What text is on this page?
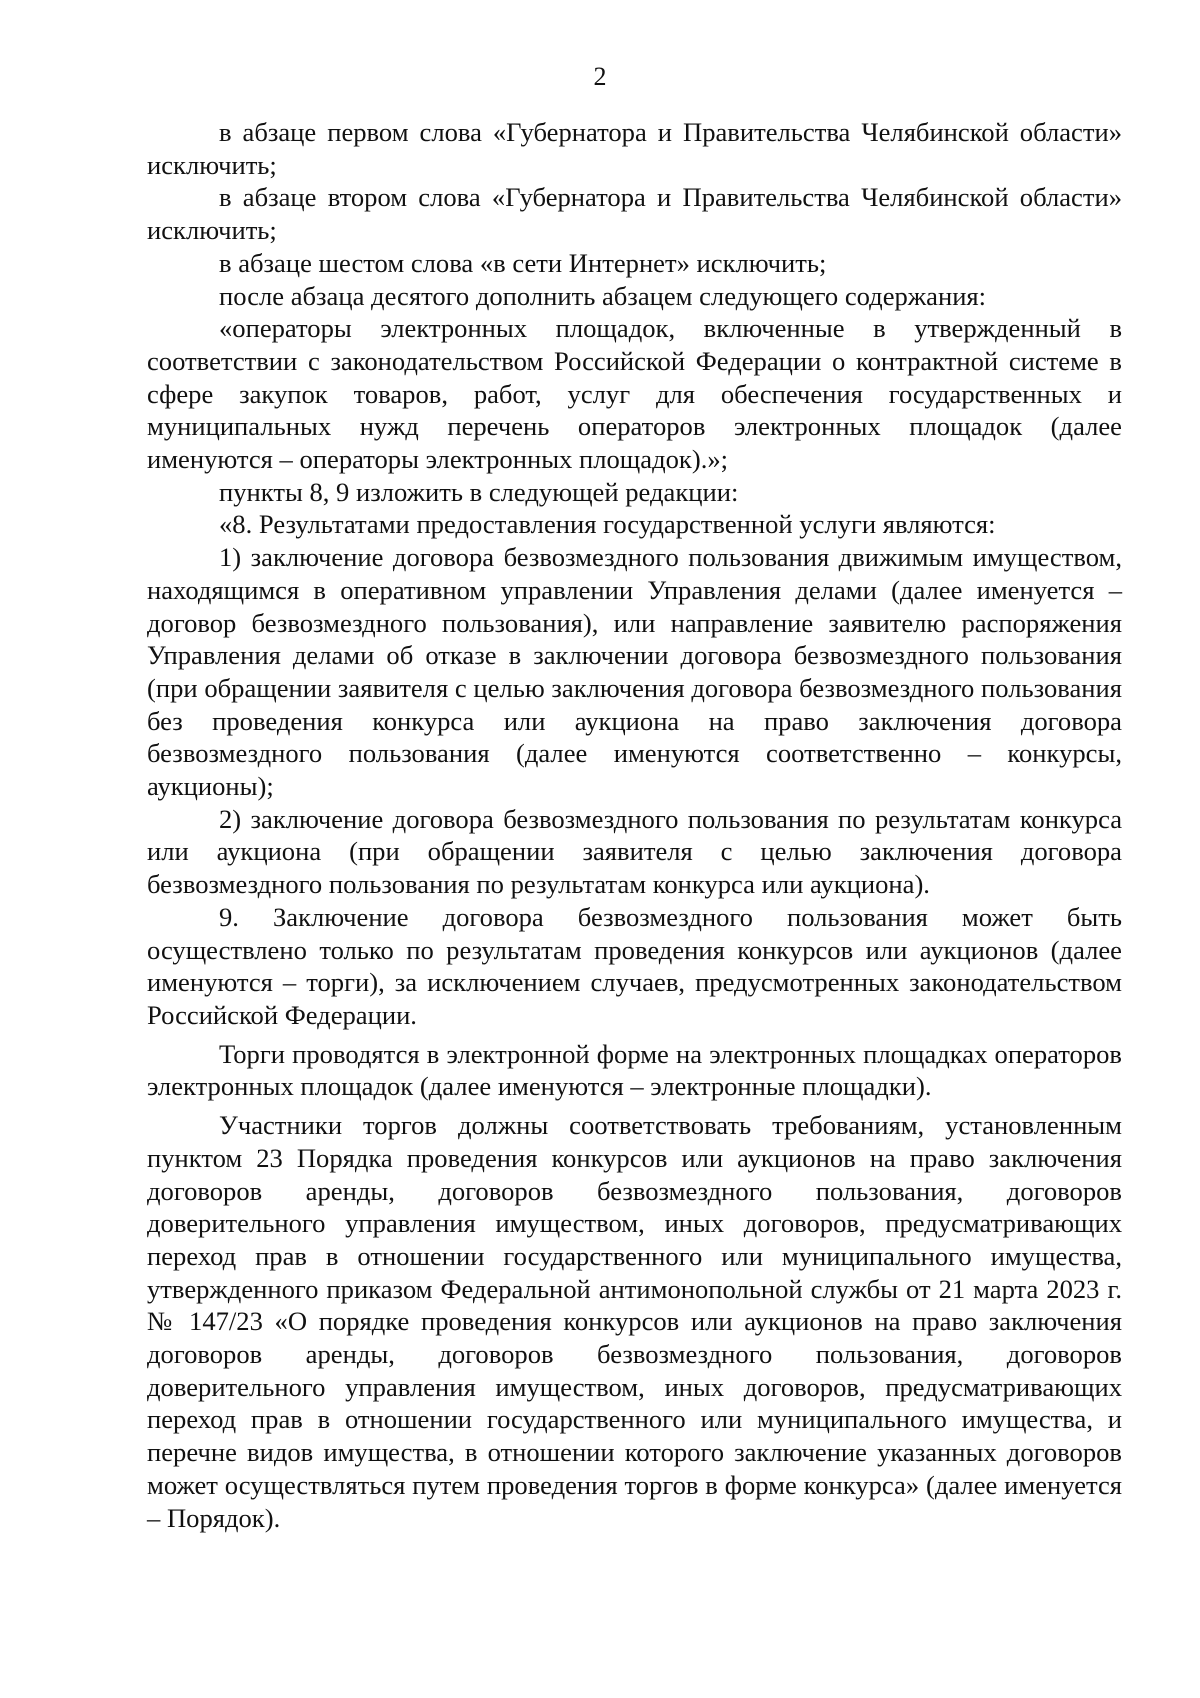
2

в абзаце первом слова «Губернатора и Правительства Челябинской области» исключить;

в абзаце втором слова «Губернатора и Правительства Челябинской области» исключить;

в абзаце шестом слова «в сети Интернет» исключить;

после абзаца десятого дополнить абзацем следующего содержания:

«операторы электронных площадок, включенные в утвержденный в соответствии с законодательством Российской Федерации о контрактной системе в сфере закупок товаров, работ, услуг для обеспечения государственных и муниципальных нужд перечень операторов электронных площадок (далее именуются – операторы электронных площадок).»;

пункты 8, 9 изложить в следующей редакции:

«8. Результатами предоставления государственной услуги являются:

1) заключение договора безвозмездного пользования движимым имуществом, находящимся в оперативном управлении Управления делами (далее именуется – договор безвозмездного пользования), или направление заявителю распоряжения Управления делами об отказе в заключении договора безвозмездного пользования (при обращении заявителя с целью заключения договора безвозмездного пользования без проведения конкурса или аукциона на право заключения договора безвозмездного пользования (далее именуются соответственно – конкурсы, аукционы);

2) заключение договора безвозмездного пользования по результатам конкурса или аукциона (при обращении заявителя с целью заключения договора безвозмездного пользования по результатам конкурса или аукциона).

9. Заключение договора безвозмездного пользования может быть осуществлено только по результатам проведения конкурсов или аукционов (далее именуются – торги), за исключением случаев, предусмотренных законодательством Российской Федерации.

Торги проводятся в электронной форме на электронных площадках операторов электронных площадок (далее именуются – электронные площадки).

Участники торгов должны соответствовать требованиям, установленным пунктом 23 Порядка проведения конкурсов или аукционов на право заключения договоров аренды, договоров безвозмездного пользования, договоров доверительного управления имуществом, иных договоров, предусматривающих переход прав в отношении государственного или муниципального имущества, утвержденного приказом Федеральной антимонопольной службы от 21 марта 2023 г. № 147/23 «О порядке проведения конкурсов или аукционов на право заключения договоров аренды, договоров безвозмездного пользования, договоров доверительного управления имуществом, иных договоров, предусматривающих переход прав в отношении государственного или муниципального имущества, и перечне видов имущества, в отношении которого заключение указанных договоров может осуществляться путем проведения торгов в форме конкурса» (далее именуется – Порядок).
